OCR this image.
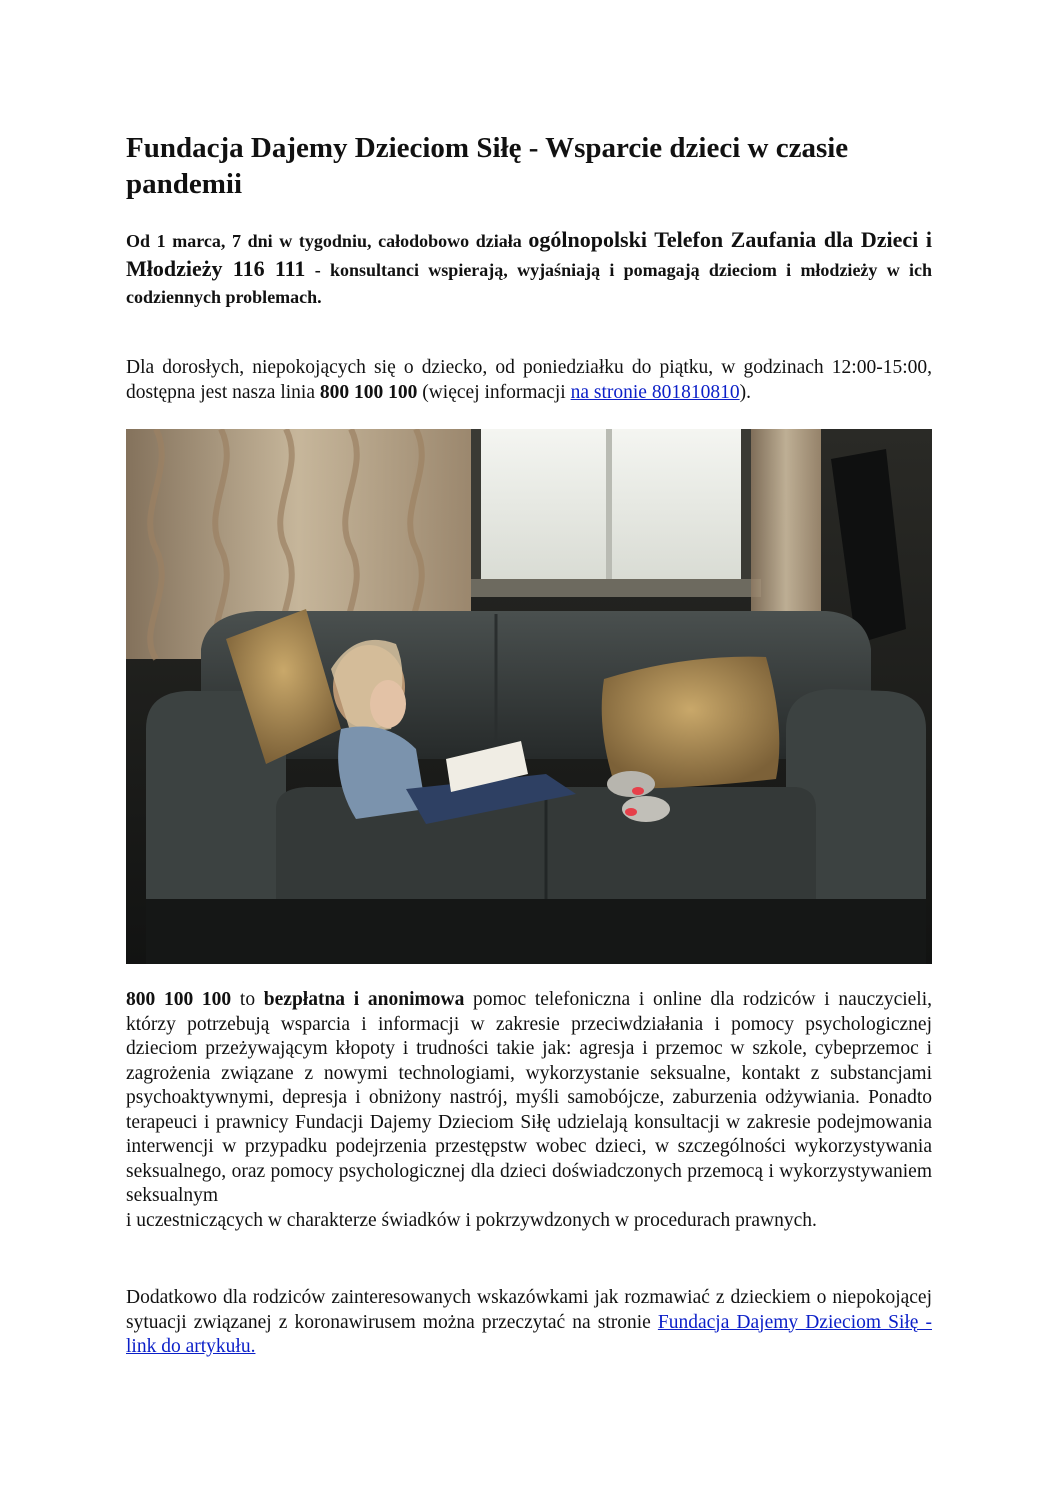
Fundacja Dajemy Dzieciom Siłę - Wsparcie dzieci w czasie pandemii

Od 1 marca, 7 dni w tygodniu, całodobowo działa ogólnopolski Telefon Zaufania dla Dzieci i Młodzieży 116 111 - konsultanci wspierają, wyjaśniają i pomagają dzieciom i młodzieży w ich codziennych problemach.

Dla dorosłych, niepokojących się o dziecko, od poniedziałku do piątku, w godzinach 12:00-15:00, dostępna jest nasza linia 800 100 100 (więcej informacji na stronie 801810810).

800 100 100 to bezpłatna i anonimowa pomoc telefoniczna i online dla rodziców i nauczycieli, którzy potrzebują wsparcia i informacji w zakresie przeciwdziałania i pomocy psychologicznej dzieciom przeżywającym kłopoty i trudności takie jak: agresja i przemoc w szkole, cybeprzemoc i zagrożenia związane z nowymi technologiami, wykorzystanie seksualne, kontakt z substancjami psychoaktywnymi, depresja i obniżony nastrój, myśli samobójcze, zaburzenia odżywiania. Ponadto terapeuci i prawnicy Fundacji Dajemy Dzieciom Siłę udzielają konsultacji w zakresie podejmowania interwencji w przypadku podejrzenia przestępstw wobec dzieci, w szczególności wykorzystywania seksualnego, oraz pomocy psychologicznej dla dzieci doświadczonych przemocą i wykorzystywaniem seksualnym
i uczestniczących w charakterze świadków i pokrzywdzonych w procedurach prawnych.

Dodatkowo dla rodziców zainteresowanych wskazówkami jak rozmawiać z dzieckiem o niepokojącej sytuacji związanej z koronawirusem można przeczytać na stronie Fundacja Dajemy Dzieciom Siłę - link do artykułu.
